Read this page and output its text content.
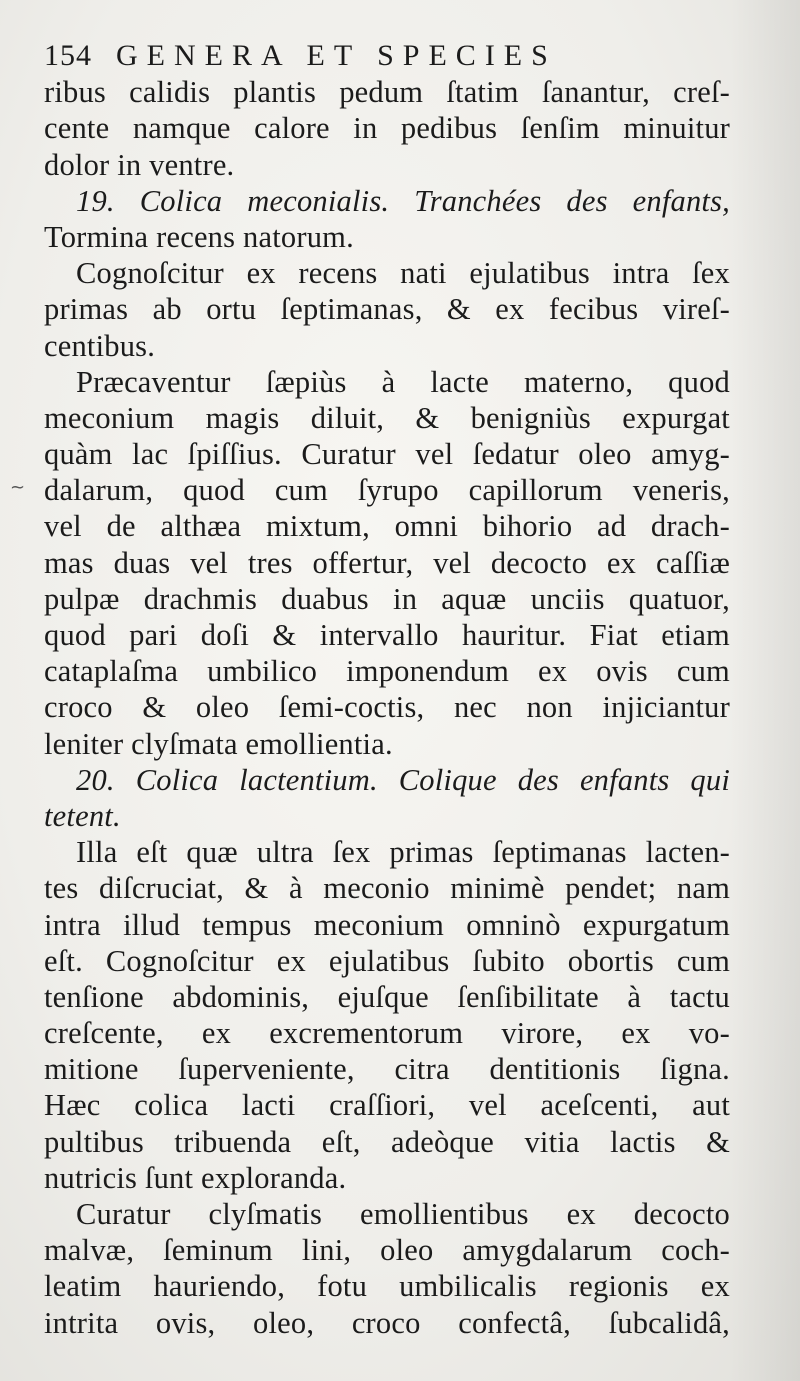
~
154 GENERA ET SPECIES
ribus calidis plantis pedum ſtatim ſanantur, creſ-
cente namque calore in pedibus ſenſim minuitur
dolor in ventre.
19. Colica meconialis. Tranchées des enfants,
Tormina recens natorum.
Cognoſcitur ex recens nati ejulatibus intra ſex
primas ab ortu ſeptimanas, & ex fecibus vireſ-
centibus.
Præcaventur ſæpiùs à lacte materno, quod
meconium magis diluit, & benigniùs expurgat
quàm lac ſpiſſius. Curatur vel ſedatur oleo amyg-
dalarum, quod cum ſyrupo capillorum veneris,
vel de althæa mixtum, omni bihorio ad drach-
mas duas vel tres offertur, vel decocto ex caſſiæ
pulpæ drachmis duabus in aquæ unciis quatuor,
quod pari doſi & intervallo hauritur. Fiat etiam
cataplaſma umbilico imponendum ex ovis cum
croco & oleo ſemi-coctis, nec non injiciantur
leniter clyſmata emollientia.
20. Colica lactentium. Colique des enfants qui
tetent.
Illa eſt quæ ultra ſex primas ſeptimanas lacten-
tes diſcruciat, & à meconio minimè pendet; nam
intra illud tempus meconium omninò expurgatum
eſt. Cognoſcitur ex ejulatibus ſubito obortis cum
tenſione abdominis, ejuſque ſenſibilitate à tactu
creſcente, ex excrementorum virore, ex vo-
mitione ſuperveniente, citra dentitionis ſigna.
Hæc colica lacti craſſiori, vel aceſcenti, aut
pultibus tribuenda eſt, adeòque vitia lactis &
nutricis ſunt exploranda.
Curatur clyſmatis emollientibus ex decocto
malvæ, ſeminum lini, oleo amygdalarum coch-
leatim hauriendo, fotu umbilicalis regionis ex
intrita ovis, oleo, croco confectâ, ſubcalidâ,
